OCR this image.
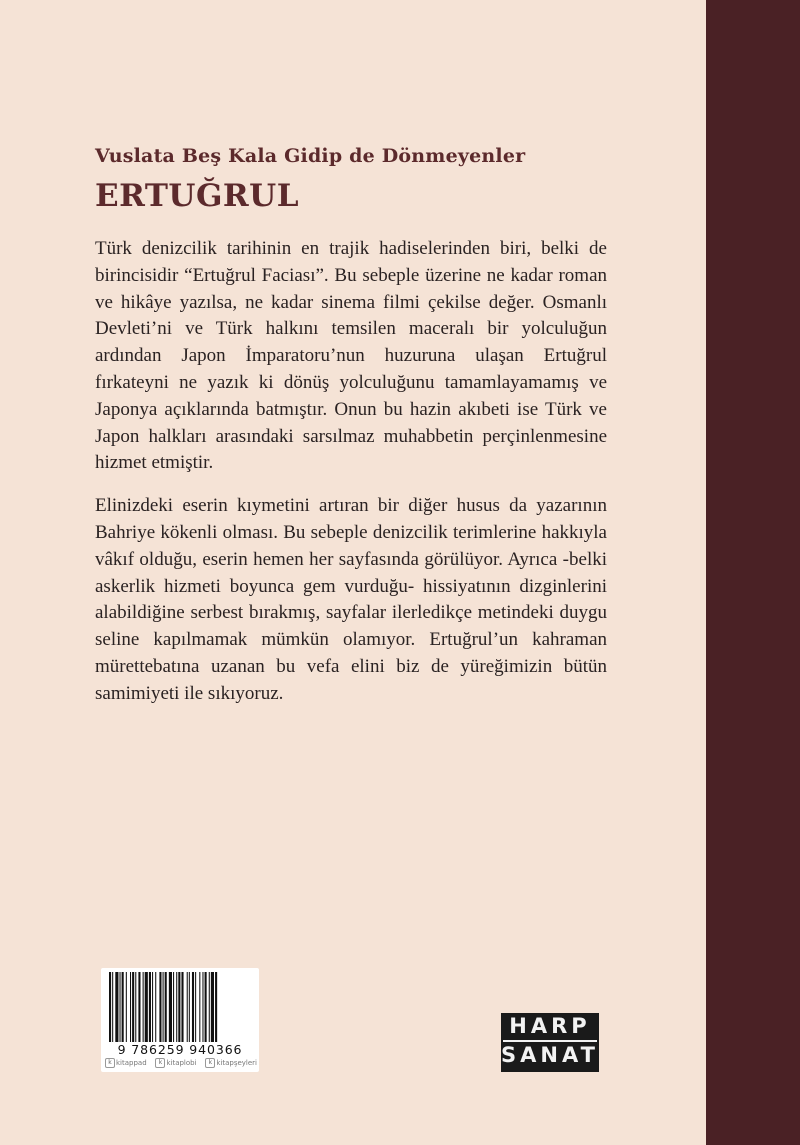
Vuslata Beş Kala Gidip de Dönmeyenler
ERTUĞRUL

Türk denizcilik tarihinin en trajik hadiselerinden biri, belki de birincisidir “Ertuğrul Faciası”. Bu sebeple üzerine ne kadar roman ve hikâye yazılsa, ne kadar sinema filmi çekilse değer. Osmanlı Devleti’ni ve Türk halkını temsilen maceralı bir yolculuğun ardından Japon İmparatoru’nun huzuruna ulaşan Ertuğrul fırkateyni ne yazık ki dönüş yolculuğunu tamamlayamamış ve Japonya açıklarında batmıştır. Onun bu hazin akıbeti ise Türk ve Japon halkları arasındaki sarsılmaz muhabbetin perçinlenmesine hizmet etmiştir.

Elinizdeki eserin kıymetini artıran bir diğer husus da yazarının Bahriye kökenli olması. Bu sebeple denizcilik terimlerine hakkıyla vâkıf olduğu, eserin hemen her sayfasında görülüyor. Ayrıca -belki askerlik hizmeti boyunca gem vurduğu- hissiyatının dizginlerini alabildiğine serbest bırakmış, sayfalar ilerledikçe metindeki duygu seline kapılmamak mümkün olamıyor. Ertuğrul’un kahraman mürettebatına uzanan bu vefa elini biz de yüreğimizin bütün samimiyeti ile sıkıyoruz.

9 786259 940366
k kitappad	k kitaplobi	k kitapşeyleri
HARP
SANAT
